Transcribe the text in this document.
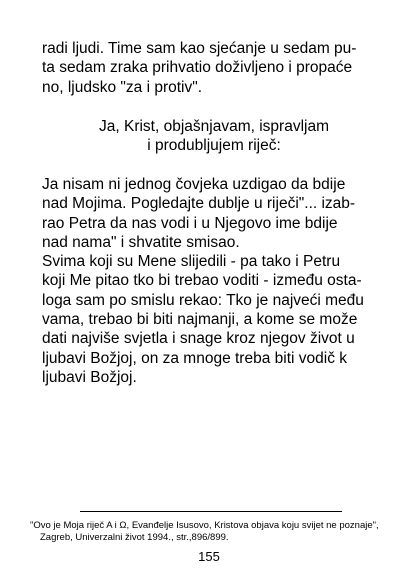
radi ljudi. Time sam kao sjećanje u sedam pu-
ta sedam zraka prihvatio doživljeno i propaće
no, ljudsko "za i protiv".
Ja, Krist, objašnjavam, ispravljam
i produbljujem riječ:
Ja nisam ni jednog čovjeka uzdigao da bdije
nad Mojima. Pogledajte dublje u riječi"... izab-
rao Petra da nas vodi i u Njegovo ime bdije
nad nama" i shvatite smisao.
Svima koji su Mene slijedili - pa tako i Petru
koji Me pitao tko bi trebao voditi - između osta-
loga sam po smislu rekao: Tko je najveći među
vama, trebao bi biti najmanji, a kome se može
dati najviše svjetla i snage kroz njegov život u
ljubavi Božjoj, on za mnoge treba biti vodič k
ljubavi Božjoj.
"Ovo je Moja riječ A i Ω, Evanđelje Isusovo, Kristova objava koju svijet ne poznaje",
Zagreb, Univerzalni život 1994., str.,896/899.
155
